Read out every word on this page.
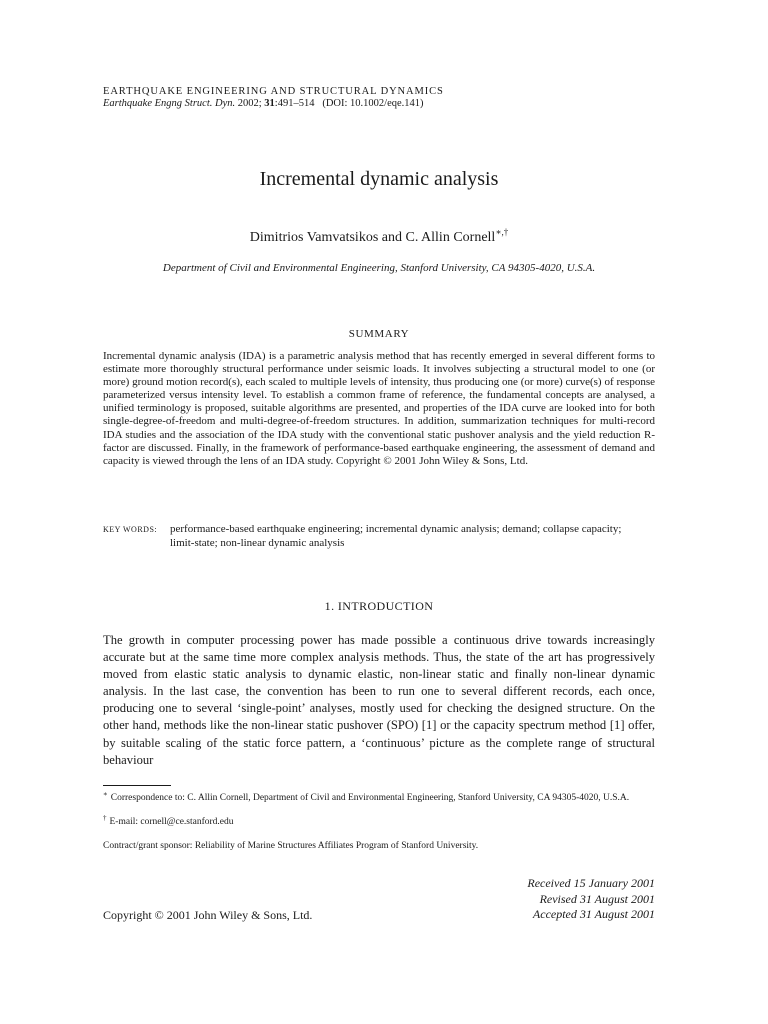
EARTHQUAKE ENGINEERING AND STRUCTURAL DYNAMICS
Earthquake Engng Struct. Dyn. 2002; 31:491–514 (DOI: 10.1002/eqe.141)
Incremental dynamic analysis
Dimitrios Vamvatsikos and C. Allin Cornell∗,†
Department of Civil and Environmental Engineering, Stanford University, CA 94305-4020, U.S.A.
SUMMARY
Incremental dynamic analysis (IDA) is a parametric analysis method that has recently emerged in several different forms to estimate more thoroughly structural performance under seismic loads. It involves subjecting a structural model to one (or more) ground motion record(s), each scaled to multiple levels of intensity, thus producing one (or more) curve(s) of response parameterized versus intensity level. To establish a common frame of reference, the fundamental concepts are analysed, a unified terminology is proposed, suitable algorithms are presented, and properties of the IDA curve are looked into for both single-degree-of-freedom and multi-degree-of-freedom structures. In addition, summarization techniques for multi-record IDA studies and the association of the IDA study with the conventional static pushover analysis and the yield reduction R-factor are discussed. Finally, in the framework of performance-based earthquake engineering, the assessment of demand and capacity is viewed through the lens of an IDA study. Copyright © 2001 John Wiley & Sons, Ltd.
KEY WORDS: performance-based earthquake engineering; incremental dynamic analysis; demand; collapse capacity; limit-state; non-linear dynamic analysis
1. INTRODUCTION
The growth in computer processing power has made possible a continuous drive towards increasingly accurate but at the same time more complex analysis methods. Thus, the state of the art has progressively moved from elastic static analysis to dynamic elastic, non-linear static and finally non-linear dynamic analysis. In the last case, the convention has been to run one to several different records, each once, producing one to several ‘single-point’ analyses, mostly used for checking the designed structure. On the other hand, methods like the non-linear static pushover (SPO) [1] or the capacity spectrum method [1] offer, by suitable scaling of the static force pattern, a ‘continuous’ picture as the complete range of structural behaviour
∗ Correspondence to: C. Allin Cornell, Department of Civil and Environmental Engineering, Stanford University, CA 94305-4020, U.S.A.
† E-mail: cornell@ce.stanford.edu
Contract/grant sponsor: Reliability of Marine Structures Affiliates Program of Stanford University.
Received 15 January 2001
Revised 31 August 2001
Accepted 31 August 2001
Copyright © 2001 John Wiley & Sons, Ltd.
